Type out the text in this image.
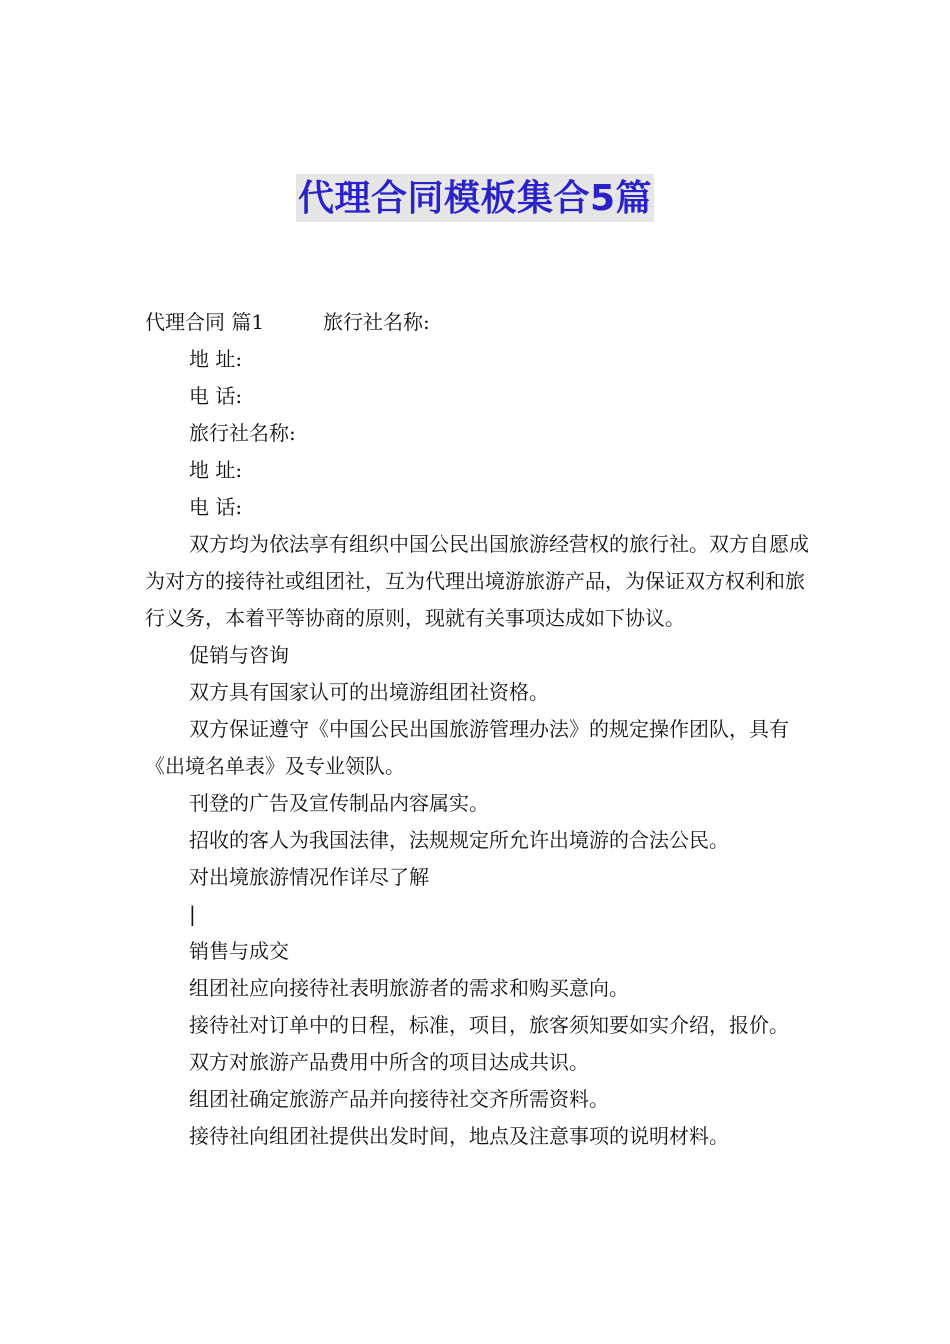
代理合同模板集合5篇

代理合同 篇1	旅行社名称:

地 址:

电 话:

旅行社名称:

地 址:

电 话:

双方均为依法享有组织中国公民出国旅游经营权的旅行社。双方自愿成为对方的接待社或组团社，互为代理出境游旅游产品，为保证双方权利和旅行义务，本着平等协商的原则，现就有关事项达成如下协议。

促销与咨询

双方具有国家认可的出境游组团社资格。

双方保证遵守《中国公民出国旅游管理办法》的规定操作团队，具有《出境名单表》及专业领队。

刊登的广告及宣传制品内容属实。

招收的客人为我国法律，法规规定所允许出境游的合法公民。

对出境旅游情况作详尽了解

|

销售与成交

组团社应向接待社表明旅游者的需求和购买意向。

接待社对订单中的日程，标准，项目，旅客须知要如实介绍，报价。

双方对旅游产品费用中所含的项目达成共识。

组团社确定旅游产品并向接待社交齐所需资料。

接待社向组团社提供出发时间，地点及注意事项的说明材料。
